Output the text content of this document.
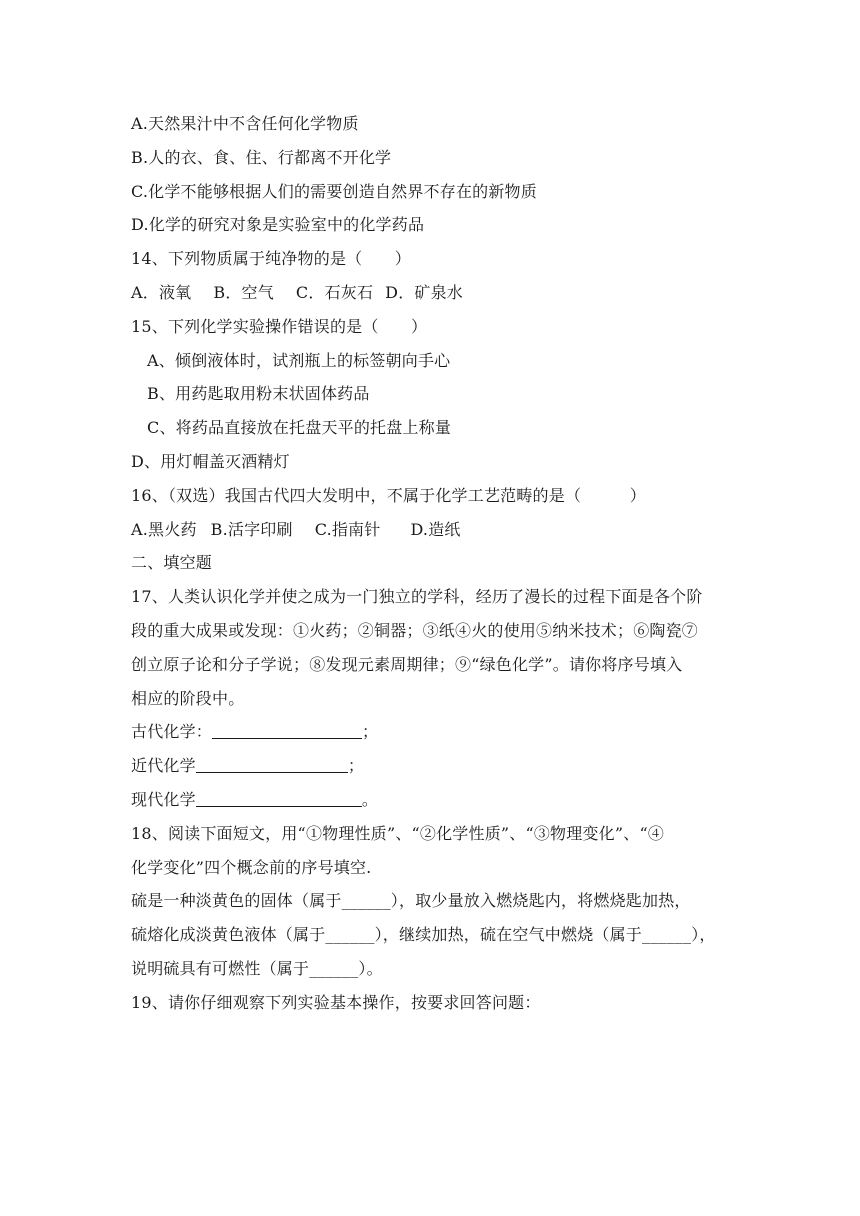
A.天然果汁中不含任何化学物质
B.人的衣、食、住、行都离不开化学
C.化学不能够根据人们的需要创造自然界不存在的新物质
D.化学的研究对象是实验室中的化学药品
14、下列物质属于纯净物的是（　　）
A．液氧 B．空气 C．石灰石 D．矿泉水
15、下列化学实验操作错误的是（　　）
A、倾倒液体时，试剂瓶上的标签朝向手心
B、用药匙取用粉末状固体药品
C、将药品直接放在托盘天平的托盘上称量
D、用灯帽盖灭酒精灯
16、（双选）我国古代四大发明中，不属于化学工艺范畴的是（　　　）
A.黑火药 B.活字印刷 C.指南针 D.造纸
二、填空题
17、人类认识化学并使之成为一门独立的学科，经历了漫长的过程下面是各个阶
段的重大成果或发现：①火药；②铜器；③纸④火的使用⑤纳米技术；⑥陶瓷⑦
创立原子论和分子学说；⑧发现元素周期律；⑨“绿色化学”。请你将序号填入
相应的阶段中。
古代化学：	；
近代化学	；
现代化学	。
18、阅读下面短文，用“①物理性质”、“②化学性质”、“③物理变化”、“④
化学变化”四个概念前的序号填空.
硫是一种淡黄色的固体（属于______），取少量放入燃烧匙内，将燃烧匙加热，
硫熔化成淡黄色液体（属于______），继续加热，硫在空气中燃烧（属于______），
说明硫具有可燃性（属于______）。
19、请你仔细观察下列实验基本操作，按要求回答问题：
